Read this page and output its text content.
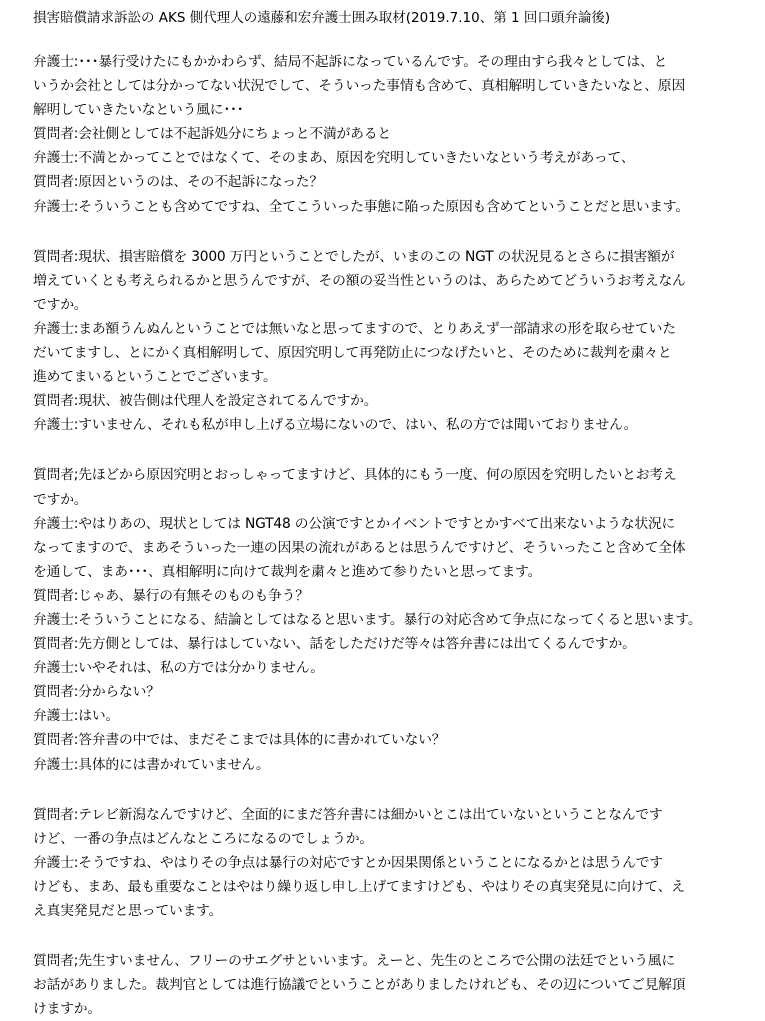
損害賠償請求訴訟の AKS 側代理人の遠藤和宏弁護士囲み取材(2019.7.10、第 1 回口頭弁論後)
弁護士:･･･暴行受けたにもかかわらず、結局不起訴になっているんです。その理由すら我々としては、と
いうか会社としては分かってない状況でして、そういった事情も含めて、真相解明していきたいなと、原因
解明していきたいなという風に･･･
質問者:会社側としては不起訴処分にちょっと不満があると
弁護士:不満とかってことではなくて、そのまあ、原因を究明していきたいなという考えがあって、
質問者:原因というのは、その不起訴になった？
弁護士:そういうことも含めてですね、全てこういった事態に陥った原因も含めてということだと思います。
質問者:現状、損害賠償を 3000 万円ということでしたが、いまのこの NGT の状況見るとさらに損害額が
増えていくとも考えられるかと思うんですが、その額の妥当性というのは、あらためてどういうお考えなん
ですか。
弁護士:まあ額うんぬんということでは無いなと思ってますので、とりあえず一部請求の形を取らせていた
だいてますし、とにかく真相解明して、原因究明して再発防止につなげたいと、そのために裁判を粛々と
進めてまいるということでございます。
質問者:現状、被告側は代理人を設定されてるんですか。
弁護士:すいません、それも私が申し上げる立場にないので、はい、私の方では聞いておりません。
質問者;先ほどから原因究明とおっしゃってますけど、具体的にもう一度、何の原因を究明したいとお考え
ですか。
弁護士:やはりあの、現状としては NGT48 の公演ですとかイベントですとかすべて出来ないような状況に
なってますので、まあそういった一連の因果の流れがあるとは思うんですけど、そういったこと含めて全体
を通して、まあ･･･、真相解明に向けて裁判を粛々と進めて参りたいと思ってます。
質問者:じゃあ、暴行の有無そのものも争う？
弁護士:そういうことになる、結論としてはなると思います。暴行の対応含めて争点になってくると思います。
質問者:先方側としては、暴行はしていない、話をしただけだ等々は答弁書には出てくるんですか。
弁護士:いやそれは、私の方では分かりません。
質問者:分からない？
弁護士:はい。
質問者:答弁書の中では、まだそこまでは具体的に書かれていない？
弁護士:具体的には書かれていません。
質問者:テレビ新潟なんですけど、全面的にまだ答弁書には細かいとこは出ていないということなんです
けど、一番の争点はどんなところになるのでしょうか。
弁護士:そうですね、やはりその争点は暴行の対応ですとか因果関係ということになるかとは思うんです
けども、まあ、最も重要なことはやはり繰り返し申し上げてますけども、やはりその真実発見に向けて、え
え真実発見だと思っています。
質問者;先生すいません、フリーのサエグサといいます。えーと、先生のところで公開の法廷でという風に
お話がありました。裁判官としては進行協議でということがありましたけれども、その辺についてご見解頂
けますか。
